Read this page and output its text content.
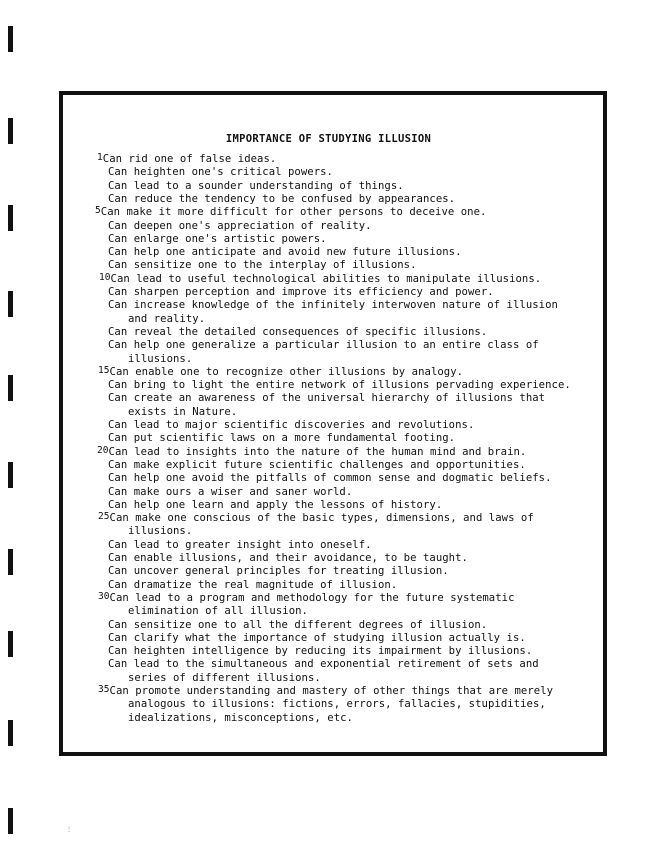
IMPORTANCE OF STUDYING ILLUSION
1Can rid one of false ideas.
Can heighten one's critical powers.
Can lead to a sounder understanding of things.
Can reduce the tendency to be confused by appearances.
5Can make it more difficult for other persons to deceive one.
Can deepen one's appreciation of reality.
Can enlarge one's artistic powers.
Can help one anticipate and avoid new future illusions.
Can sensitize one to the interplay of illusions.
10Can lead to useful technological abilities to manipulate illusions.
Can sharpen perception and improve its efficiency and power.
Can increase knowledge of the infinitely interwoven nature of illusion
and reality.
Can reveal the detailed consequences of specific illusions.
Can help one generalize a particular illusion to an entire class of
illusions.
15Can enable one to recognize other illusions by analogy.
Can bring to light the entire network of illusions pervading experience.
Can create an awareness of the universal hierarchy of illusions that
exists in Nature.
Can lead to major scientific discoveries and revolutions.
Can put scientific laws on a more fundamental footing.
20Can lead to insights into the nature of the human mind and brain.
Can make explicit future scientific challenges and opportunities.
Can help one avoid the pitfalls of common sense and dogmatic beliefs.
Can make ours a wiser and saner world.
Can help one learn and apply the lessons of history.
25Can make one conscious of the basic types, dimensions, and laws of
illusions.
Can lead to greater insight into oneself.
Can enable illusions, and their avoidance, to be taught.
Can uncover general principles for treating illusion.
Can dramatize the real magnitude of illusion.
30Can lead to a program and methodology for the future systematic
elimination of all illusion.
Can sensitize one to all the different degrees of illusion.
Can clarify what the importance of studying illusion actually is.
Can heighten intelligence by reducing its impairment by illusions.
Can lead to the simultaneous and exponential retirement of sets and
series of different illusions.
35Can promote understanding and mastery of other things that are merely
analogous to illusions: fictions, errors, fallacies, stupidities,
idealizations, misconceptions, etc.
⋮
